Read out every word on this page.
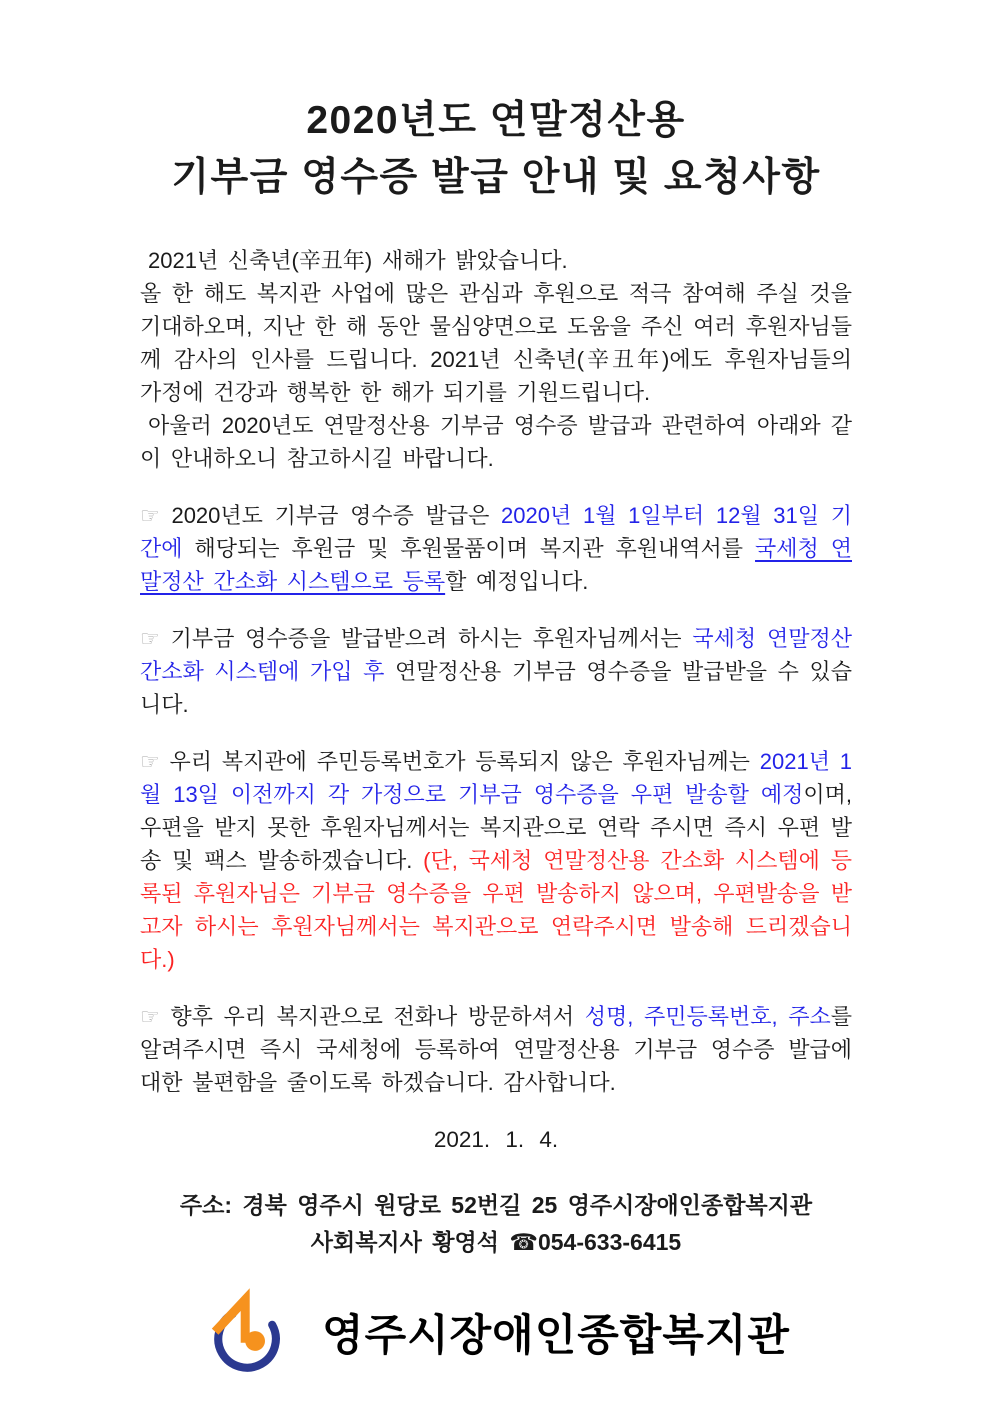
2020년도 연말정산용
기부금 영수증 발급 안내 및 요청사항

2021년 신축년(辛丑年) 새해가 밝았습니다.

올 한 해도 복지관 사업에 많은 관심과 후원으로 적극 참여해 주실 것을 기대하오며, 지난 한 해 동안 물심양면으로 도움을 주신 여러 후원자님들께 감사의 인사를 드립니다. 2021년 신축년(辛丑年)에도 후원자님들의 가정에 건강과 행복한 한 해가 되기를 기원드립니다.

아울러 2020년도 연말정산용 기부금 영수증 발급과 관련하여 아래와 같이 안내하오니 참고하시길 바랍니다.

☞ 2020년도 기부금 영수증 발급은 2020년 1월 1일부터 12월 31일 기간에 해당되는 후원금 및 후원물품이며 복지관 후원내역서를 국세청 연말정산 간소화 시스템으로 등록할 예정입니다.

☞ 기부금 영수증을 발급받으려 하시는 후원자님께서는 국세청 연말정산 간소화 시스템에 가입 후 연말정산용 기부금 영수증을 발급받을 수 있습니다.

☞ 우리 복지관에 주민등록번호가 등록되지 않은 후원자님께는 2021년 1월 13일 이전까지 각 가정으로 기부금 영수증을 우편 발송할 예정이며, 우편을 받지 못한 후원자님께서는 복지관으로 연락 주시면 즉시 우편 발송 및 팩스 발송하겠습니다. (단, 국세청 연말정산용 간소화 시스템에 등록된 후원자님은 기부금 영수증을 우편 발송하지 않으며, 우편발송을 받고자 하시는 후원자님께서는 복지관으로 연락주시면 발송해 드리겠습니다.)

☞ 향후 우리 복지관으로 전화나 방문하셔서 성명, 주민등록번호, 주소를 알려주시면 즉시 국세청에 등록하여 연말정산용 기부금 영수증 발급에 대한 불편함을 줄이도록 하겠습니다. 감사합니다.

2021. 1. 4.
주소: 경북 영주시 원당로 52번길 25 영주시장애인종합복지관
사회복지사 황영석 ☎054-633-6415
영주시장애인종합복지관
